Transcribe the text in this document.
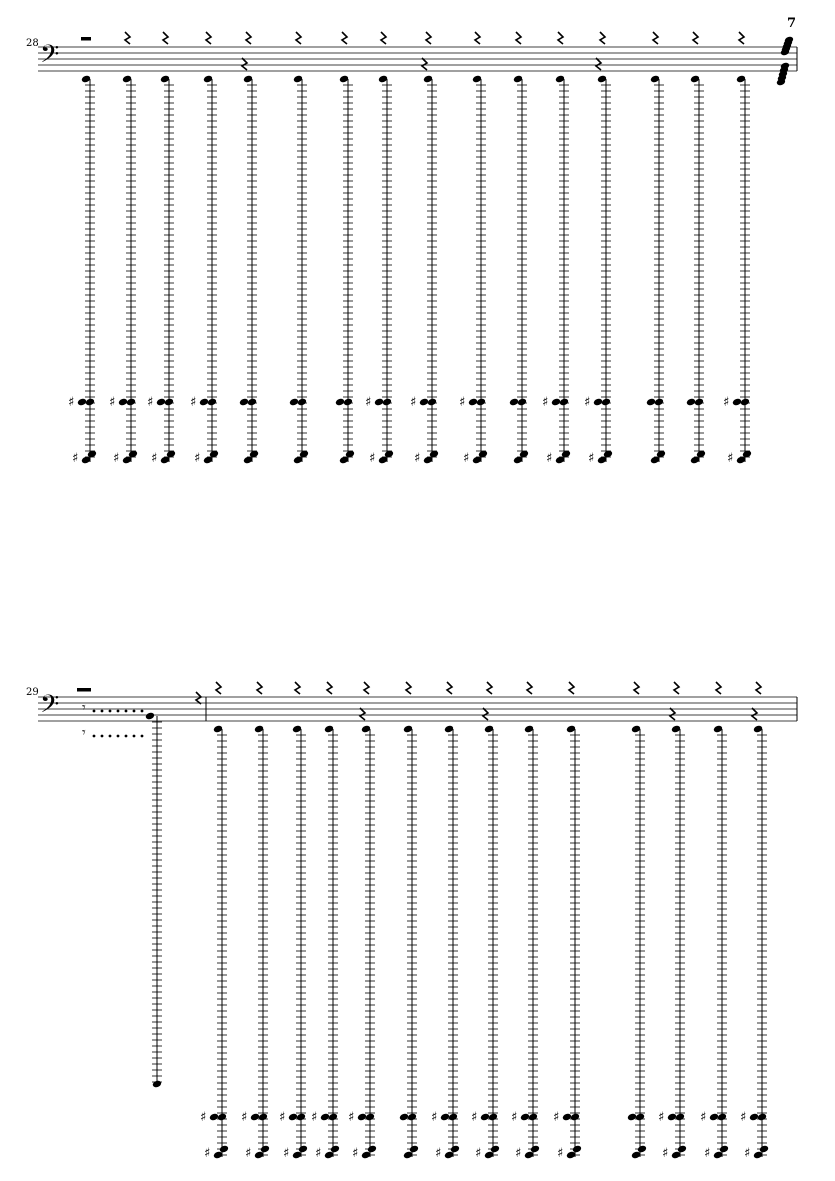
7
28
29
𝄢
♯
♯
♯
♯
♯
♯
♯
♯
♯
♯
♯
♯
♯
♯
♯
♯
♯
♯
♯
♯
𝄢 𝄾
𝄾
♯
♯
♯
♯
♯
♯
♯
♯
♯
♯
♯
♯
♯
♯
♯
♯
♯
♯
♯
♯
♯
♯
♯
♯
